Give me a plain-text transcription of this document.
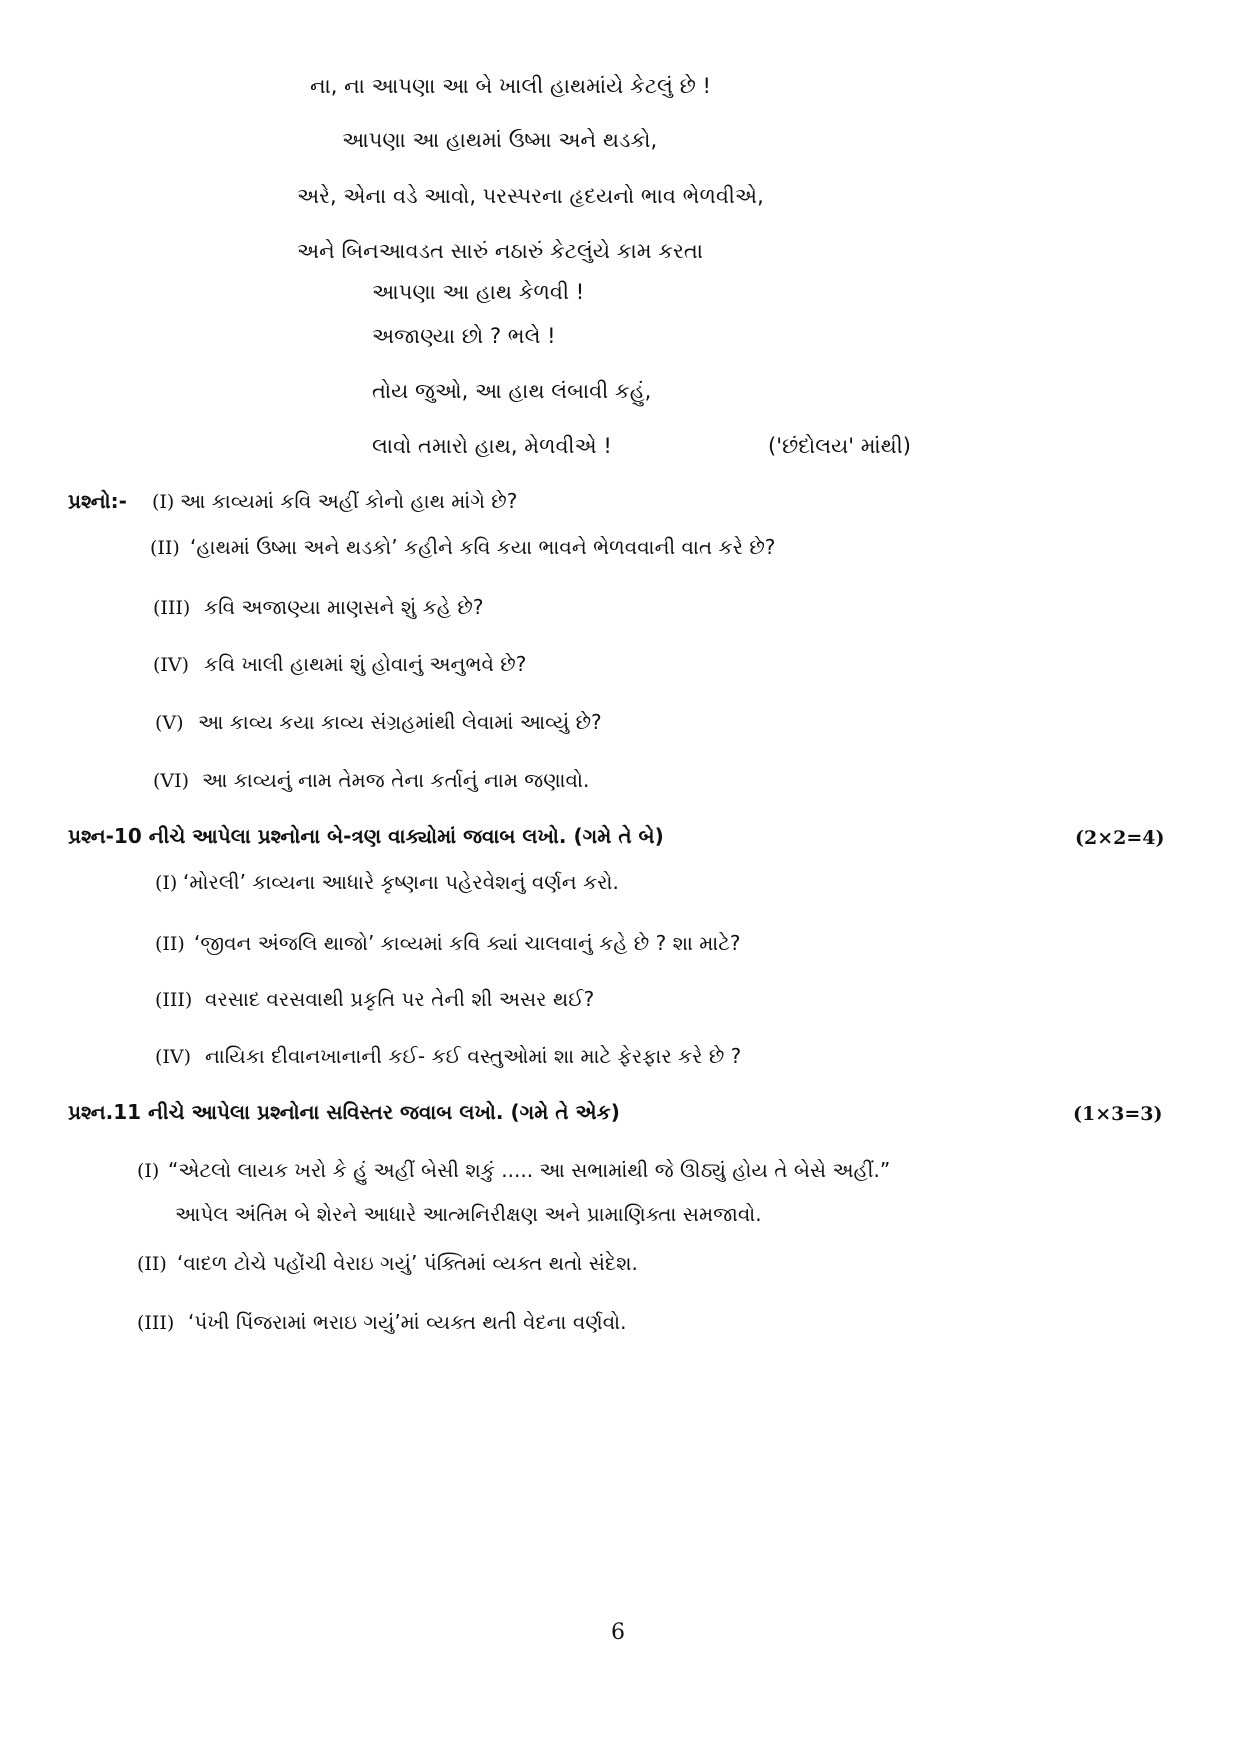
ના, ના આપણા આ બે ખાલી હાથમાંયે કેટલું છે !
આપણા આ હાથમાં ઉષ્મા અને થડકો,
અરે, એના વડે આવો, પરસ્પરના હૃદયનો ભાવ ભેળવીએ,
અને બિનઆવડત સારું નઠારું કેટલુંયે કામ કરતા
આપણા આ હાથ કેળવી !
અજાણ્યા છો ? ભલે !
તોય જુઓ, આ હાથ લંબાવી કહું,
લાવો તમારો હાથ, મેળવીએ !	('છંદોલય' માંથી)
પ્રશ્નો:- (I) આ કાવ્યમાં કવિ અહીં કોનો હાથ માંગે છે?
(II) ‘હાથમાં ઉષ્મા અને થડકો’ કહીને કવિ કયા ભાવને ભેળવવાની વાત કરે છે?
(III) કવિ અજાણ્યા માણસને શું કહે છે?
(IV) કવિ ખાલી હાથમાં શું હોવાનું અનુભવે છે?
(V) આ કાવ્ય કયા કાવ્ય સંગ્રહમાંથી લેવામાં આવ્યું છે?
(VI) આ કાવ્યનું નામ તેમજ તેના કર્તાનું નામ જણાવો.
પ્રશ્ન-10 નીચે આપેલા પ્રશ્નોના બે-ત્રણ વાક્યોમાં જવાબ લખો. (ગમે તે બે)	(2×2=4)
(I) ‘મોરલી’ કાવ્યના આધારે કૃષ્ણના પહેરવેશનું વર્ણન કરો.
(II) ‘જીવન અંજલિ થાજો’ કાવ્યમાં કવિ ક્યાં ચાલવાનું કહે છે ? શા માટે?
(III) વરસાદ વરસવાથી પ્રકૃતિ પર તેની શી અસર થઈ?
(IV) નાયિકા દીવાનખાનાની કઈ- કઈ વસ્તુઓમાં શા માટે ફેરફાર કરે છે ?
પ્રશ્ન.11 નીચે આપેલા પ્રશ્નોના સવિસ્તર જવાબ લખો. (ગમે તે એક)	(1×3=3)
(I) “એટલો લાયક ખરો કે હું અહીં બેસી શકું ..... આ સભામાંથી જે ઊઠ્યું હોય તે બેસે અહીં.”
આપેલ અંતિમ બે શેરને આધારે આત્મનિરીક્ષણ અને પ્રામાણિક્તા સમજાવો.
(II) ‘વાદળ ટોચે પહોંચી વેરાઇ ગયું’ પંક્તિમાં વ્યક્ત થતો સંદેશ.
(III) ‘પંખી પિંજરામાં ભરાઇ ગયું’માં વ્યક્ત થતી વેદના વર્ણવો.
6
